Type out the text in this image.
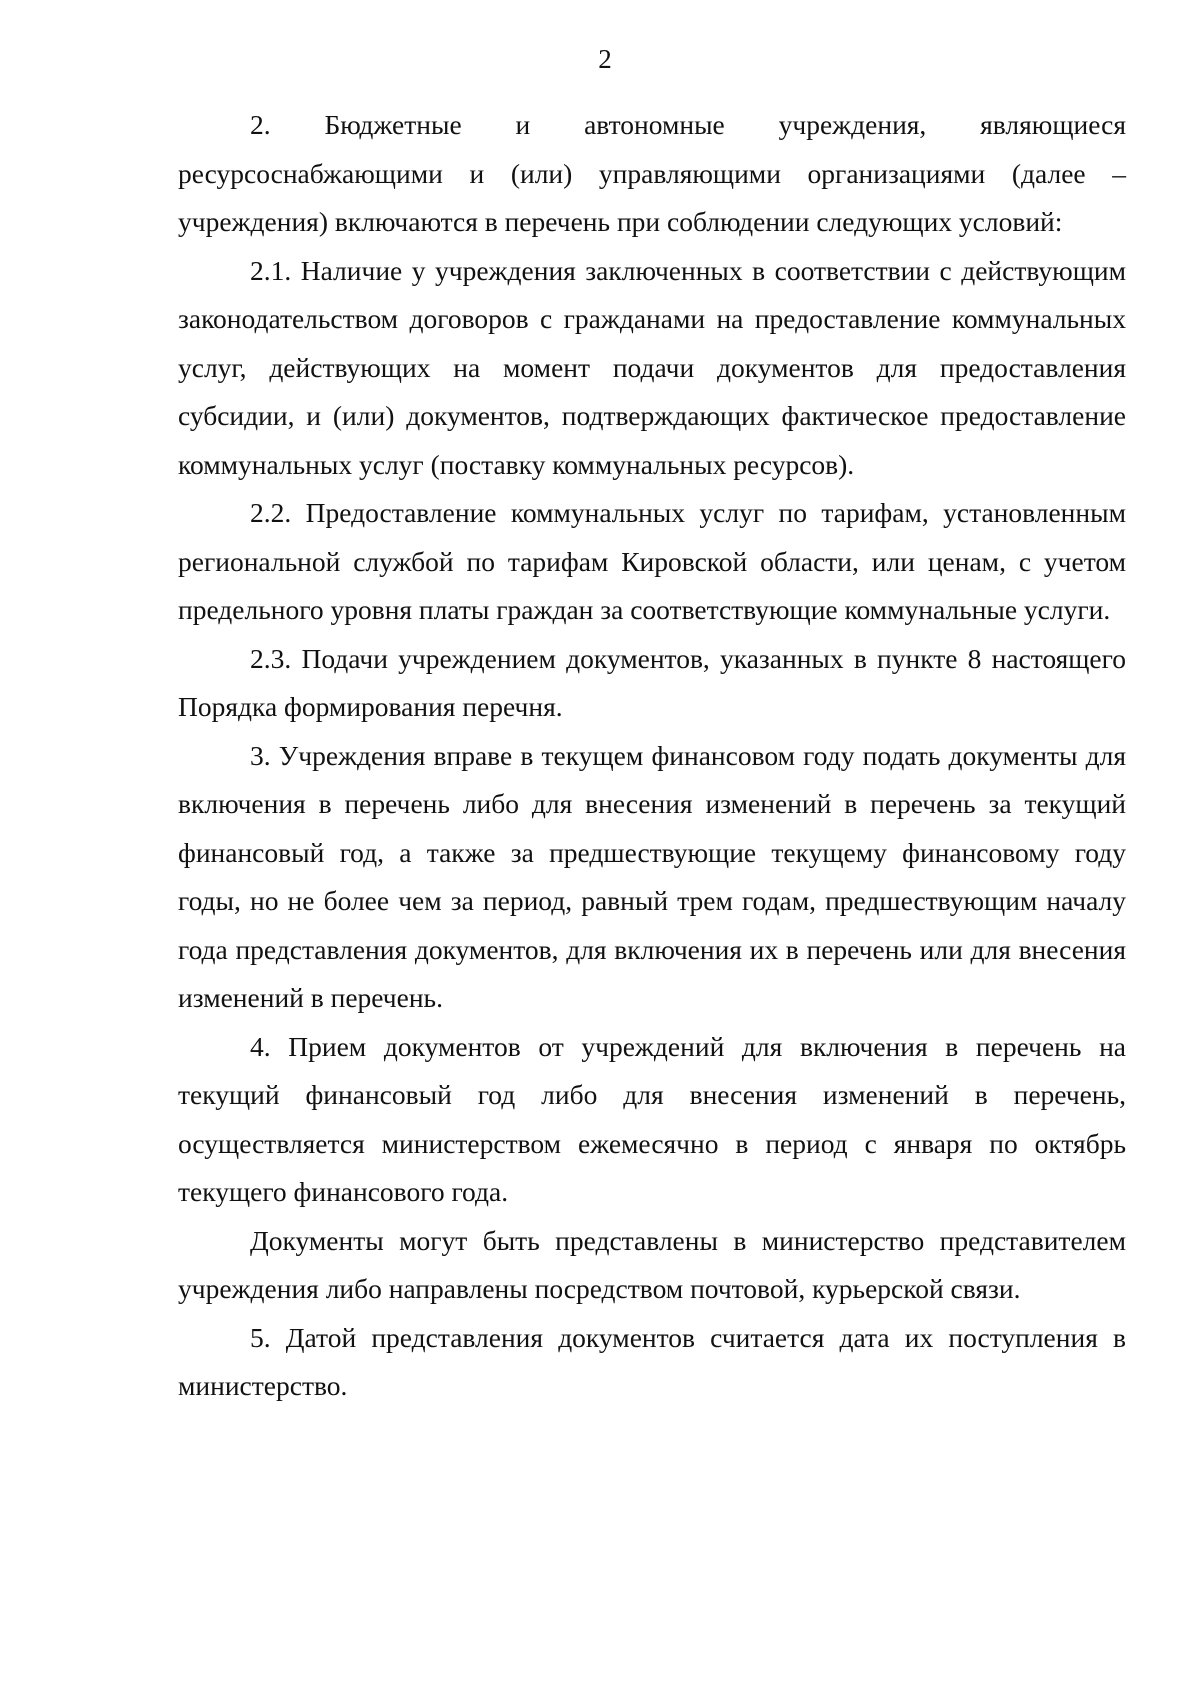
2

2. Бюджетные и автономные учреждения, являющиеся ресурсоснабжающими и (или) управляющими организациями (далее – учреждения) включаются в перечень при соблюдении следующих условий:

2.1. Наличие у учреждения заключенных в соответствии с действующим законодательством договоров с гражданами на предоставление коммунальных услуг, действующих на момент подачи документов для предоставления субсидии, и (или) документов, подтверждающих фактическое предоставление коммунальных услуг (поставку коммунальных ресурсов).

2.2. Предоставление коммунальных услуг по тарифам, установленным региональной службой по тарифам Кировской области, или ценам, с учетом предельного уровня платы граждан за соответствующие коммунальные услуги.

2.3. Подачи учреждением документов, указанных в пункте 8 настоящего Порядка формирования перечня.

3. Учреждения вправе в текущем финансовом году подать документы для включения в перечень либо для внесения изменений в перечень за текущий финансовый год, а также за предшествующие текущему финансовому году годы, но не более чем за период, равный трем годам, предшествующим началу года представления документов, для включения их в перечень или для внесения изменений в перечень.

4. Прием документов от учреждений для включения в перечень на текущий финансовый год либо для внесения изменений в перечень, осуществляется министерством ежемесячно в период с января по октябрь текущего финансового года.

Документы могут быть представлены в министерство представителем учреждения либо направлены посредством почтовой, курьерской связи.

5. Датой представления документов считается дата их поступления в министерство.
